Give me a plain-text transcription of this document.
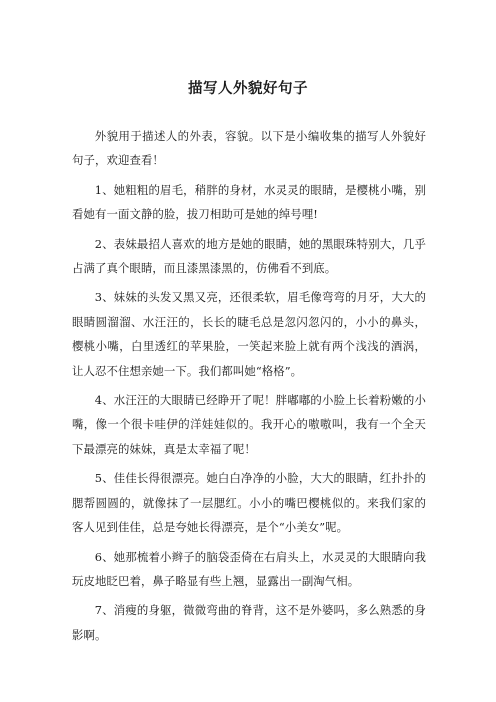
描写人外貌好句子

外貌用于描述人的外表，容貌。以下是小编收集的描写人外貌好句子，欢迎查看！

1、她粗粗的眉毛，稍胖的身材，水灵灵的眼睛，是樱桃小嘴，别看她有一面文静的脸，拔刀相助可是她的绰号哩!

2、表妹最招人喜欢的地方是她的眼睛，她的黑眼珠特别大，几乎占满了真个眼睛，而且漆黑漆黑的，仿佛看不到底。

3、妹妹的头发又黑又亮，还很柔软，眉毛像弯弯的月牙，大大的眼睛圆溜溜、水汪汪的，长长的睫毛总是忽闪忽闪的，小小的鼻头，樱桃小嘴，白里透红的苹果脸，一笑起来脸上就有两个浅浅的酒涡，让人忍不住想亲她一下。我们都叫她“格格”。

4、水汪汪的大眼睛已经睁开了呢！胖嘟嘟的小脸上长着粉嫩的小嘴，像一个很卡哇伊的洋娃娃似的。我开心的嗷嗷叫，我有一个全天下最漂亮的妹妹，真是太幸福了呢！

5、佳佳长得很漂亮。她白白净净的小脸，大大的眼睛，红扑扑的腮帮圆圆的，就像抹了一层腮红。小小的嘴巴樱桃似的。来我们家的客人见到佳佳，总是夸她长得漂亮，是个“小美女”呢。

6、她那梳着小辫子的脑袋歪倚在右肩头上，水灵灵的大眼睛向我玩皮地眨巴着，鼻子略显有些上翘，显露出一副淘气相。

7、消瘦的身躯，微微弯曲的脊背，这不是外婆吗，多么熟悉的身影啊。
